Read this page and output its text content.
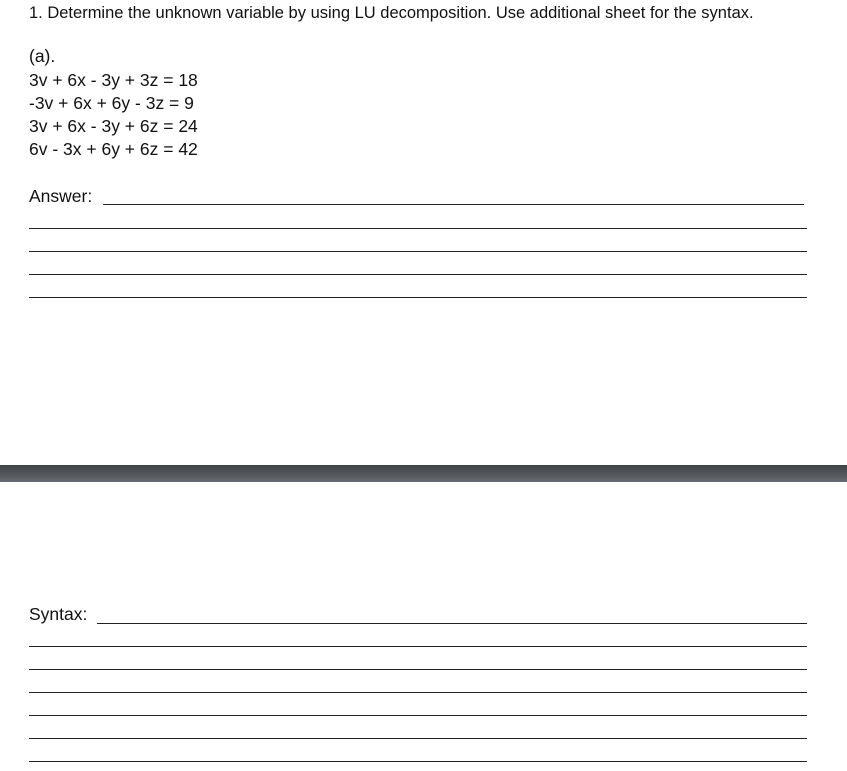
1. Determine the unknown variable by using LU decomposition. Use additional sheet for the syntax.
(a).
3v + 6x - 3y + 3z = 18
-3v + 6x + 6y - 3z = 9
3v + 6x - 3y + 6z = 24
6v - 3x + 6y + 6z = 42
Answer:
Syntax:
